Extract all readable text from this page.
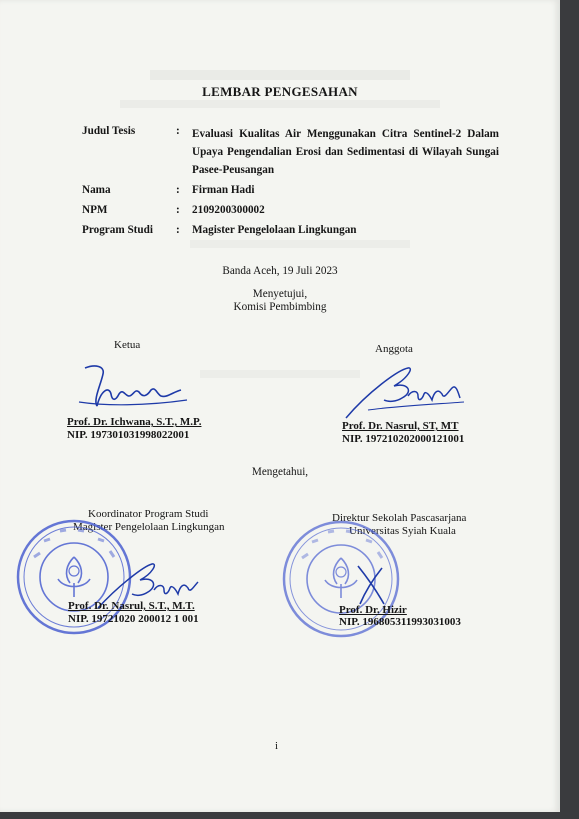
LEMBAR PENGESAHAN
Judul Tesis	: Evaluasi Kualitas Air Menggunakan Citra Sentinel-2 Dalam Upaya Pengendalian Erosi dan Sedimentasi di Wilayah Sungai Pasee-Peusangan
Nama	: Firman Hadi
NPM	: 2109200300002
Program Studi : Magister Pengelolaan Lingkungan
Banda Aceh, 19 Juli 2023
Menyetujui,
Komisi Pembimbing
Ketua	Anggota
Prof. Dr. Ichwana, S.T., M.P.
NIP. 197301031998022001
Prof. Dr. Nasrul, ST, MT
NIP. 197210202000121001
Mengetahui,
Koordinator Program Studi
Magister Pengelolaan Lingkungan
Direktur Sekolah Pascasarjana
Universitas Syiah Kuala
Prof. Dr. Nasrul, S.T., M.T.
NIP. 19721020 200012 1 001
Prof. Dr. Hizir
NIP. 196805311993031003
i
